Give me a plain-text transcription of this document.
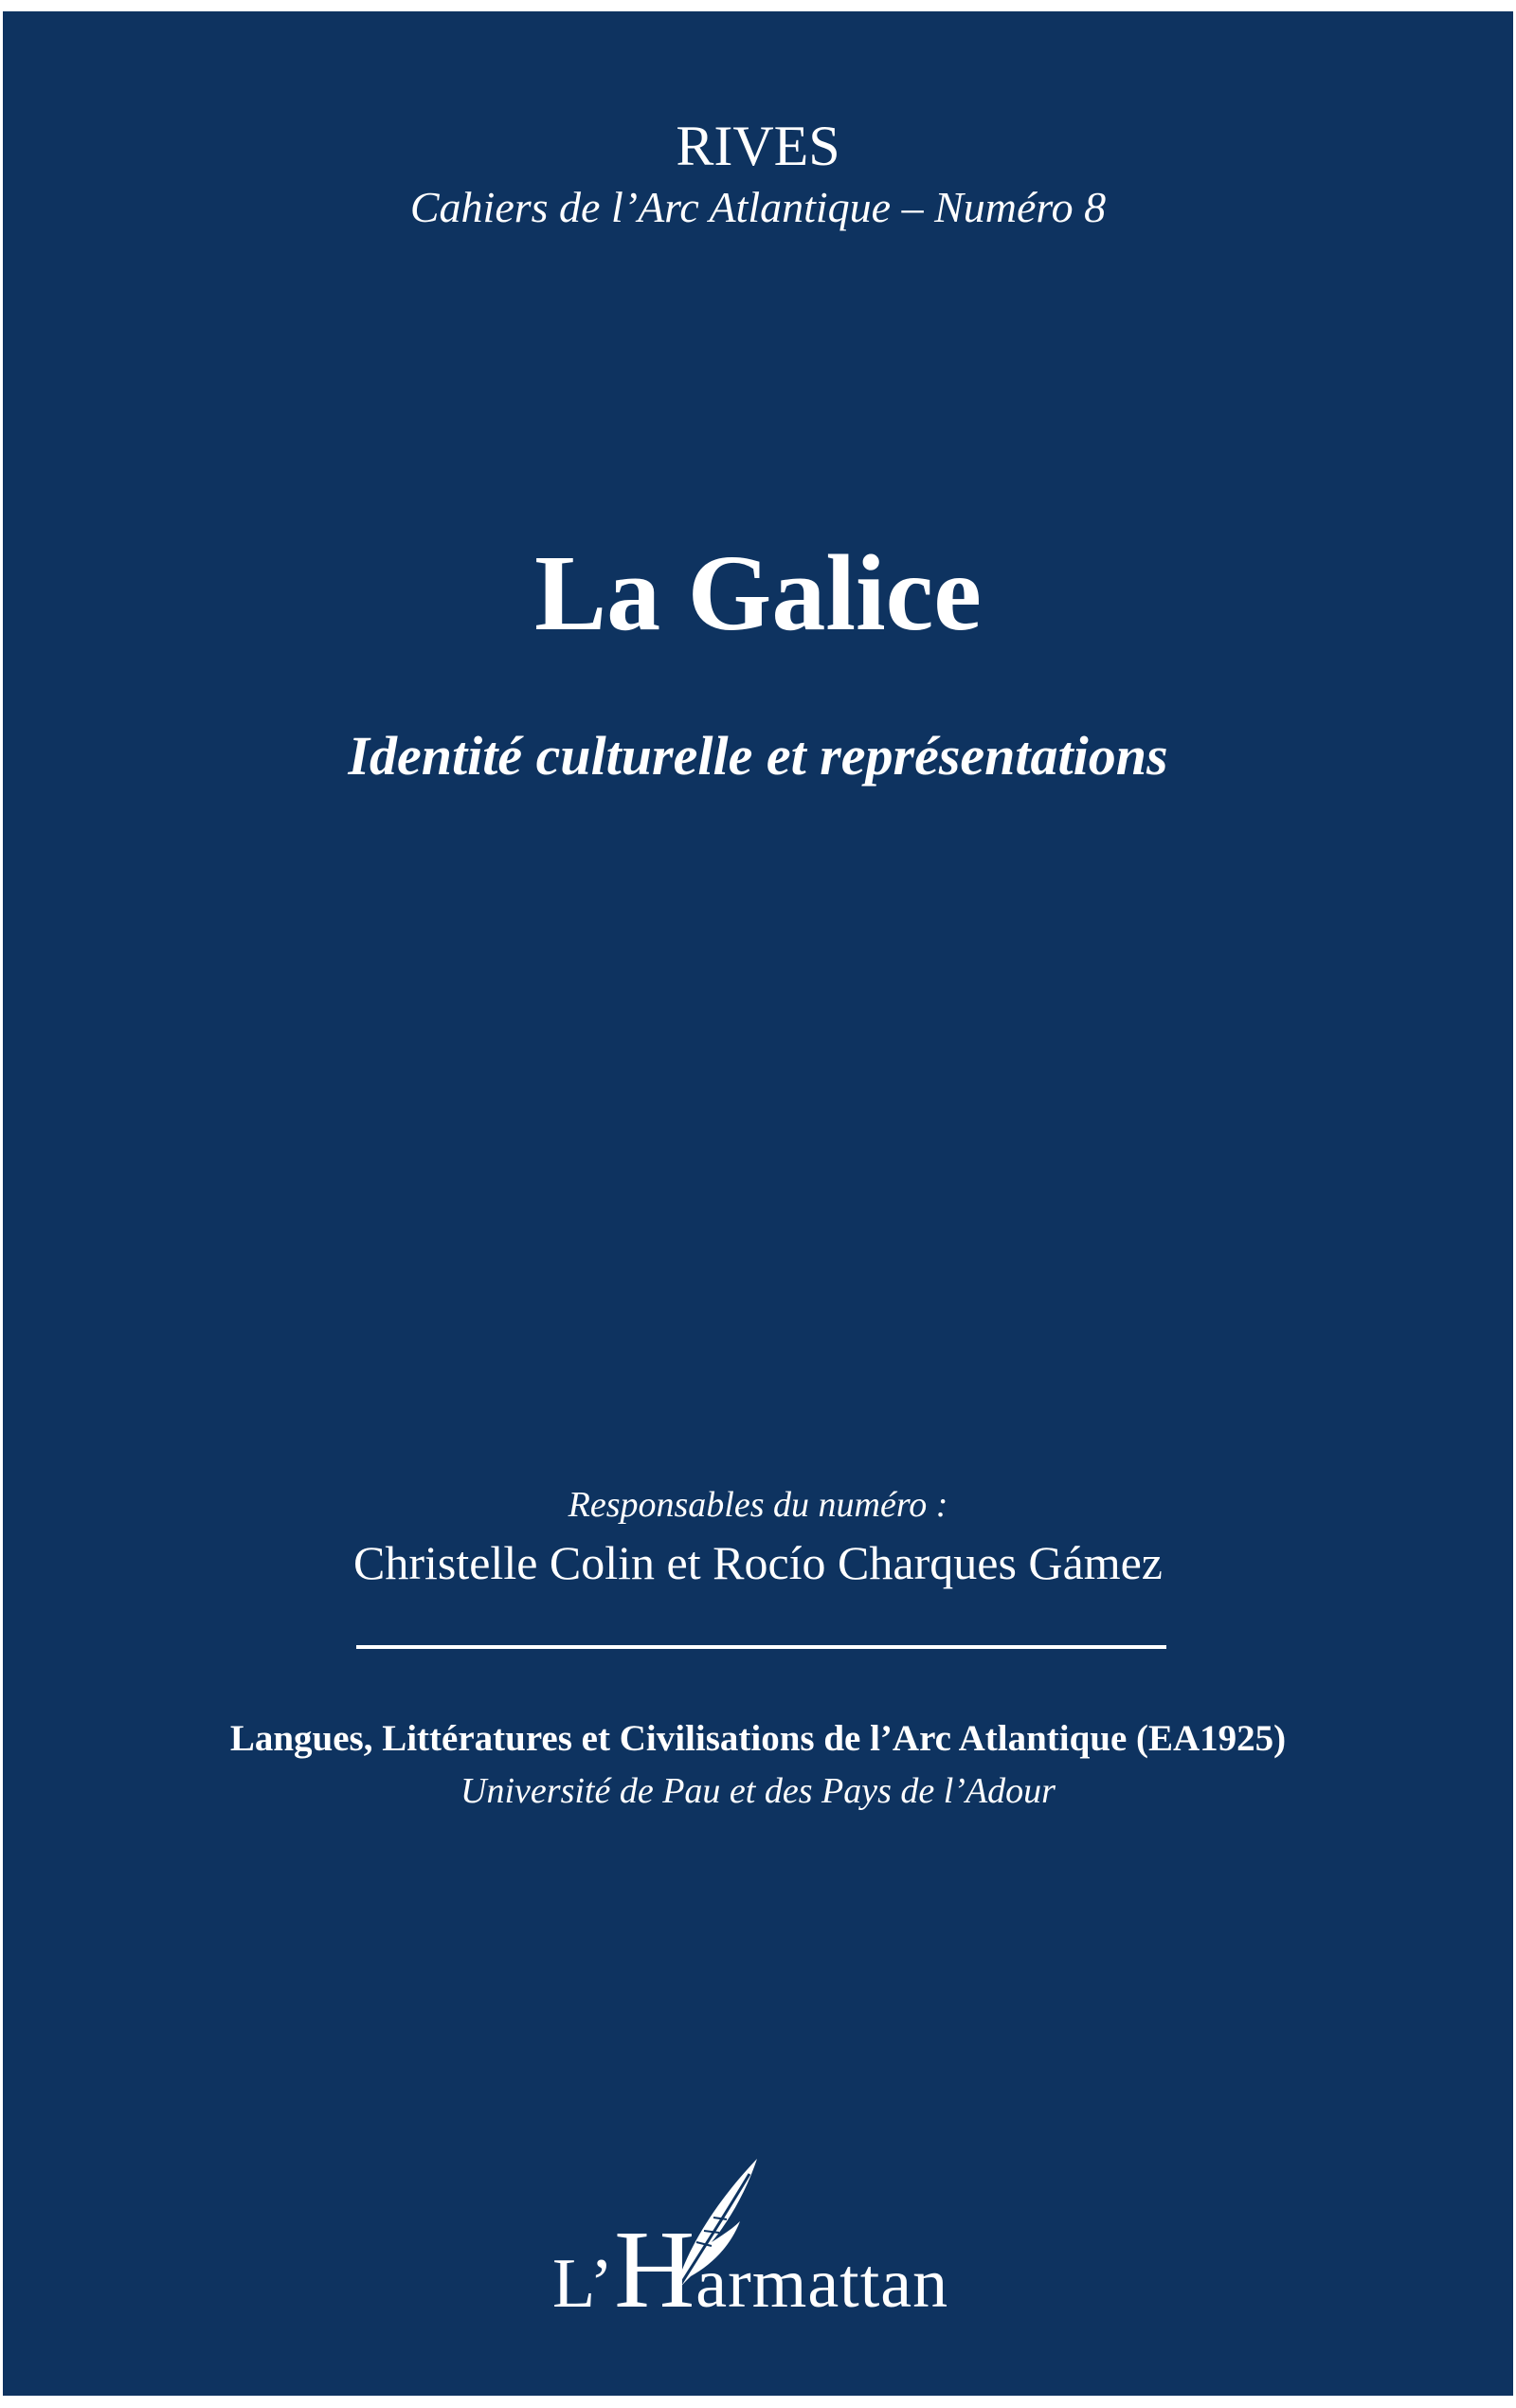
RIVES
Cahiers de l’Arc Atlantique – Numéro 8
La Galice
Identité culturelle et représentations
Responsables du numéro :
Christelle Colin et Rocío Charques Gámez
Langues, Littératures et Civilisations de l’Arc Atlantique (EA1925)
Université de Pau et des Pays de l’Adour
L’Harmattan
